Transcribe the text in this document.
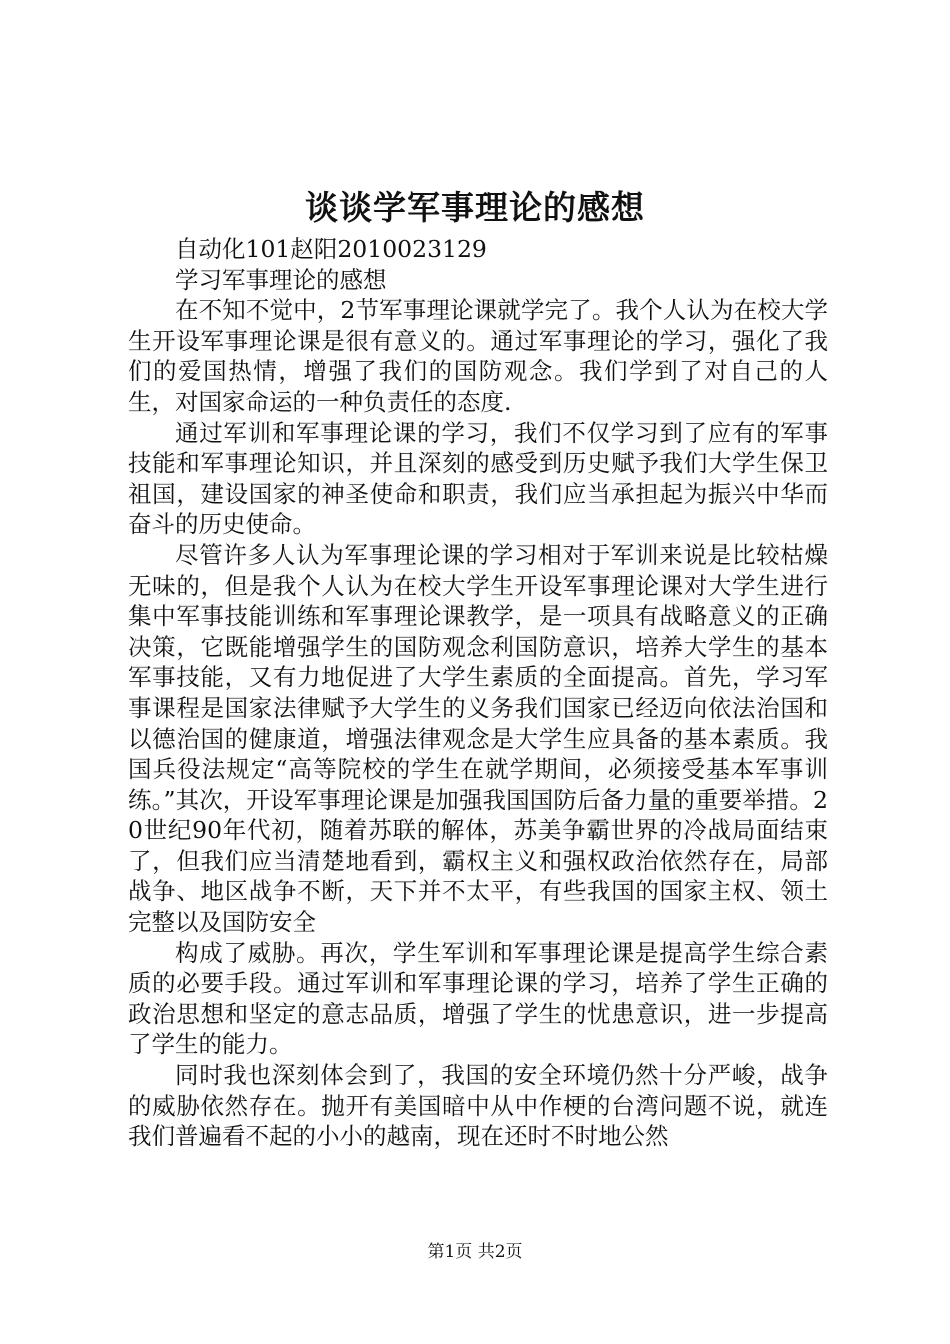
谈谈学军事理论的感想

自动化101赵阳2010023129

学习军事理论的感想

在不知不觉中，2节军事理论课就学完了。我个人认为在校大学生开设军事理论课是很有意义的。通过军事理论的学习，强化了我们的爱国热情，增强了我们的国防观念。我们学到了对自己的人生，对国家命运的一种负责任的态度.

通过军训和军事理论课的学习，我们不仅学习到了应有的军事技能和军事理论知识，并且深刻的感受到历史赋予我们大学生保卫祖国，建设国家的神圣使命和职责，我们应当承担起为振兴中华而奋斗的历史使命。

尽管许多人认为军事理论课的学习相对于军训来说是比较枯燥无味的，但是我个人认为在校大学生开设军事理论课对大学生进行集中军事技能训练和军事理论课教学，是一项具有战略意义的正确决策，它既能增强学生的国防观念利国防意识，培养大学生的基本军事技能，又有力地促进了大学生素质的全面提高。首先，学习军事课程是国家法律赋予大学生的义务我们国家已经迈向依法治国和以德治国的健康道，增强法律观念是大学生应具备的基本素质。我国兵役法规定“高等院校的学生在就学期间，必须接受基本军事训练。”其次，开设军事理论课是加强我国国防后备力量的重要举措。20世纪90年代初，随着苏联的解体，苏美争霸世界的冷战局面结束了，但我们应当清楚地看到，霸权主义和强权政治依然存在，局部战争、地区战争不断，天下并不太平，有些我国的国家主权、领土完整以及国防安全

构成了威胁。再次，学生军训和军事理论课是提高学生综合素质的必要手段。通过军训和军事理论课的学习，培养了学生正确的政治思想和坚定的意志品质，增强了学生的忧患意识，进一步提高了学生的能力。

同时我也深刻体会到了，我国的安全环境仍然十分严峻，战争的威胁依然存在。抛开有美国暗中从中作梗的台湾问题不说，就连我们普遍看不起的小小的越南，现在还时不时地公然

第1页 共2页
